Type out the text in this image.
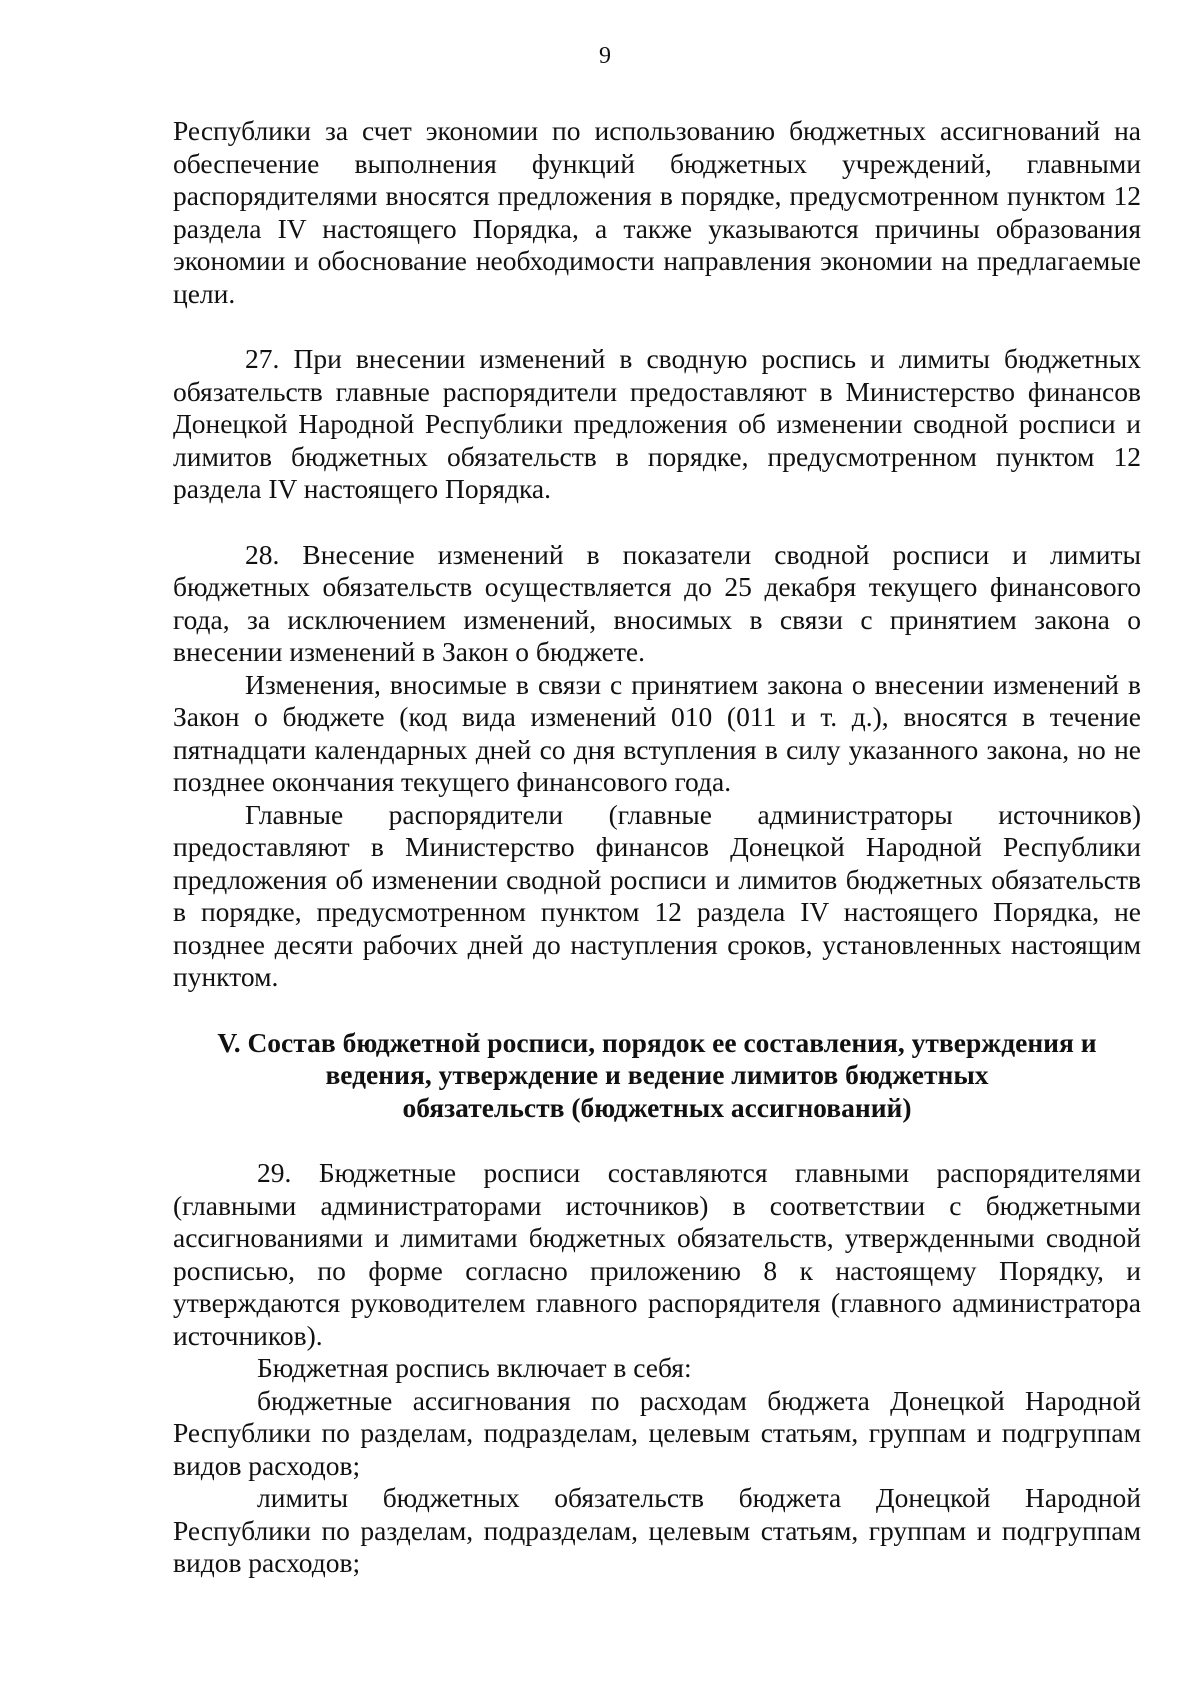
9

Республики за счет экономии по использованию бюджетных ассигнований на обеспечение выполнения функций бюджетных учреждений, главными распорядителями вносятся предложения в порядке, предусмотренном пунктом 12 раздела IV настоящего Порядка, а также указываются причины образования экономии и обоснование необходимости направления экономии на предлагаемые цели.

27. При внесении изменений в сводную роспись и лимиты бюджетных обязательств главные распорядители предоставляют в Министерство финансов Донецкой Народной Республики предложения об изменении сводной росписи и лимитов бюджетных обязательств в порядке, предусмотренном пунктом 12 раздела IV настоящего Порядка.

28. Внесение изменений в показатели сводной росписи и лимиты бюджетных обязательств осуществляется до 25 декабря текущего финансового года, за исключением изменений, вносимых в связи с принятием закона о внесении изменений в Закон о бюджете.

Изменения, вносимые в связи с принятием закона о внесении изменений в Закон о бюджете (код вида изменений 010 (011 и т. д.), вносятся в течение пятнадцати календарных дней со дня вступления в силу указанного закона, но не позднее окончания текущего финансового года.

Главные распорядители (главные администраторы источников) предоставляют в Министерство финансов Донецкой Народной Республики предложения об изменении сводной росписи и лимитов бюджетных обязательств в порядке, предусмотренном пунктом 12 раздела IV настоящего Порядка, не позднее десяти рабочих дней до наступления сроков, установленных настоящим пунктом.

V. Состав бюджетной росписи, порядок ее составления, утверждения и
ведения, утверждение и ведение лимитов бюджетных
обязательств (бюджетных ассигнований)

29. Бюджетные росписи составляются главными распорядителями (главными администраторами источников) в соответствии с бюджетными ассигнованиями и лимитами бюджетных обязательств, утвержденными сводной росписью, по форме согласно приложению 8 к настоящему Порядку, и утверждаются руководителем главного распорядителя (главного администратора источников).

Бюджетная роспись включает в себя:

бюджетные ассигнования по расходам бюджета Донецкой Народной Республики по разделам, подразделам, целевым статьям, группам и подгруппам видов расходов;

лимиты бюджетных обязательств бюджета Донецкой Народной Республики по разделам, подразделам, целевым статьям, группам и подгруппам видов расходов;
